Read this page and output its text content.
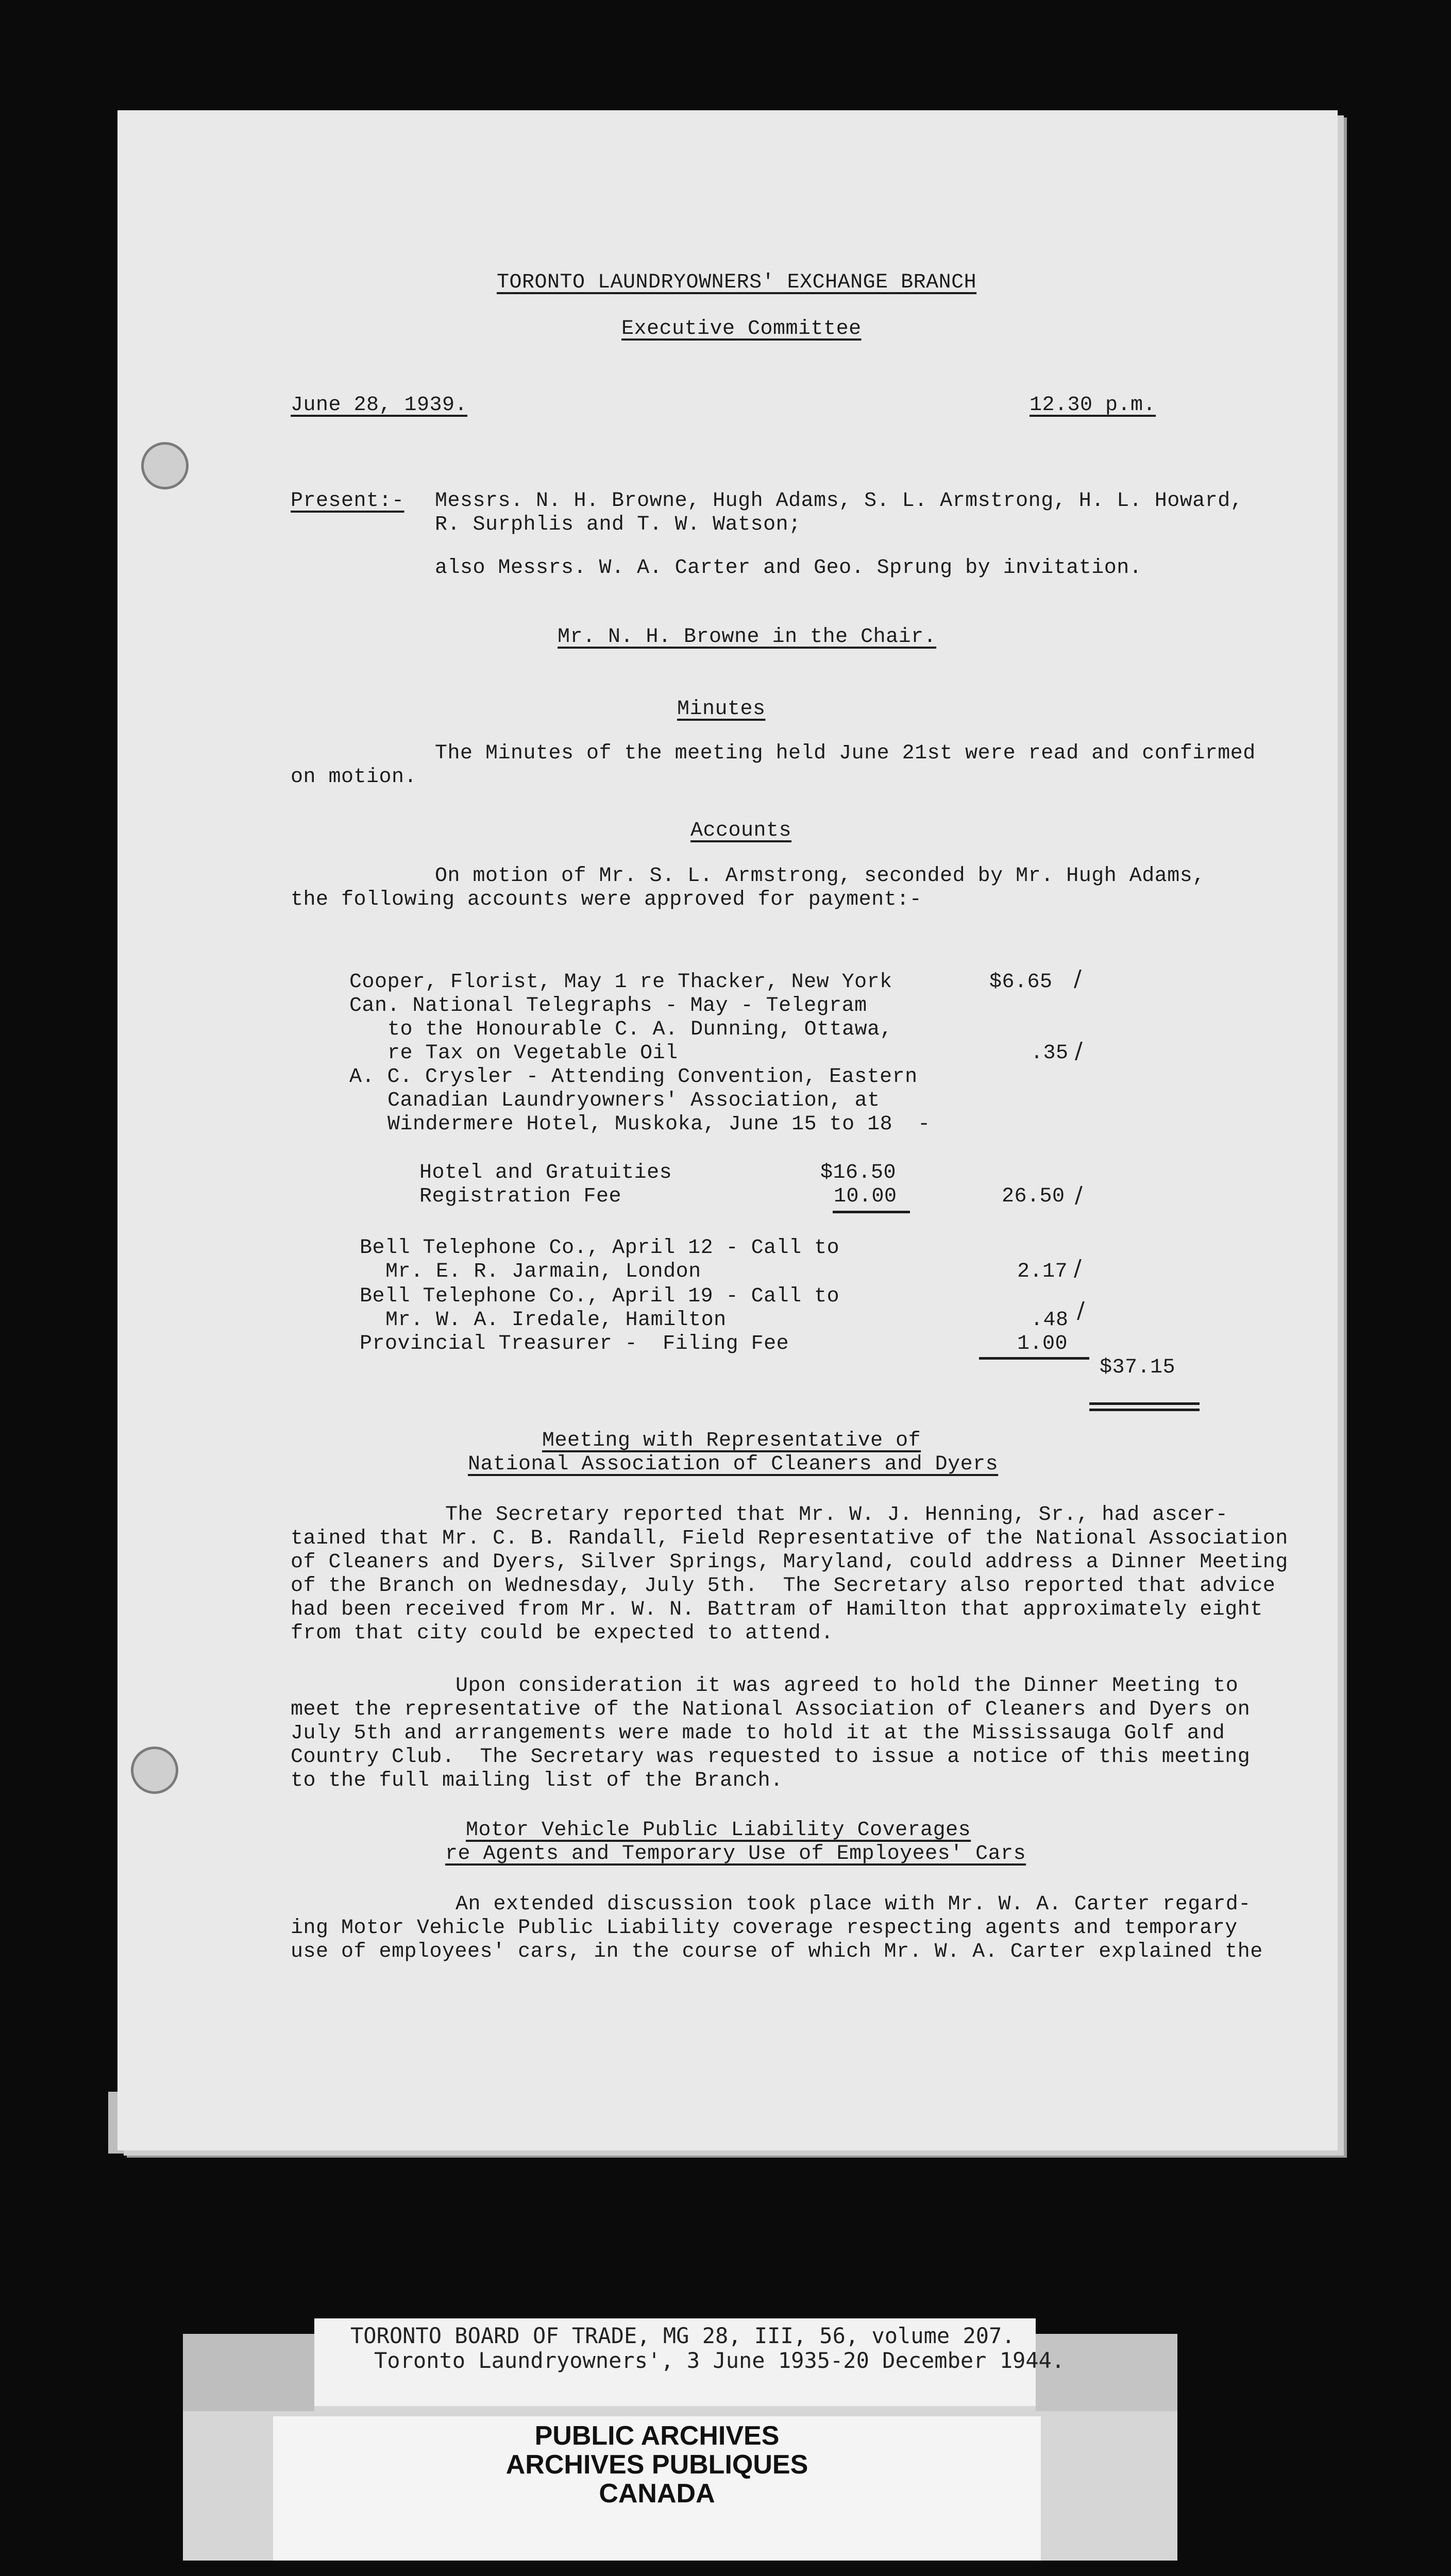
TORONTO LAUNDRYOWNERS' EXCHANGE BRANCH
Executive Committee
June 28, 1939.	12.30 p.m.
Present:- Messrs. N. H. Browne, Hugh Adams, S. L. Armstrong, H. L. Howard,
R. Surphlis and T. W. Watson;
also Messrs. W. A. Carter and Geo. Sprung by invitation.
Mr. N. H. Browne in the Chair.
Minutes
The Minutes of the meeting held June 21st were read and confirmed
on motion.
Accounts
On motion of Mr. S. L. Armstrong, seconded by Mr. Hugh Adams,
the following accounts were approved for payment:-
Cooper, Florist, May 1 re Thacker, New York
Can. National Telegraphs - May - Telegram
to the Honourable C. A. Dunning, Ottawa,
re Tax on Vegetable Oil
A. C. Crysler - Attending Convention, Eastern
Canadian Laundryowners' Association, at
Windermere Hotel, Muskoka, June 15 to 18  -
Hotel and Gratuities
Registration Fee
Bell Telephone Co., April 12 - Call to
Mr. E. R. Jarmain, London
Bell Telephone Co., April 19 - Call to
Mr. W. A. Iredale, Hamilton
Provincial Treasurer -  Filing Fee
$6.65 /
.35 /
$16.50
10.00	26.50 /
2.17 /
.48 /
1.00
$37.15
Meeting with Representative of
National Association of Cleaners and Dyers
The Secretary reported that Mr. W. J. Henning, Sr., had ascer-
tained that Mr. C. B. Randall, Field Representative of the National Association
of Cleaners and Dyers, Silver Springs, Maryland, could address a Dinner Meeting
of the Branch on Wednesday, July 5th.  The Secretary also reported that advice
had been received from Mr. W. N. Battram of Hamilton that approximately eight
from that city could be expected to attend.
Upon consideration it was agreed to hold the Dinner Meeting to
meet the representative of the National Association of Cleaners and Dyers on
July 5th and arrangements were made to hold it at the Mississauga Golf and
Country Club.  The Secretary was requested to issue a notice of this meeting
to the full mailing list of the Branch.
Motor Vehicle Public Liability Coverages
re Agents and Temporary Use of Employees' Cars
An extended discussion took place with Mr. W. A. Carter regard-
ing Motor Vehicle Public Liability coverage respecting agents and temporary
use of employees' cars, in the course of which Mr. W. A. Carter explained the
TORONTO BOARD OF TRADE, MG 28, III, 56, volume 207.
Toronto Laundryowners', 3 June 1935-20 December 1944.
PUBLIC ARCHIVES
ARCHIVES PUBLIQUES
CANADA
